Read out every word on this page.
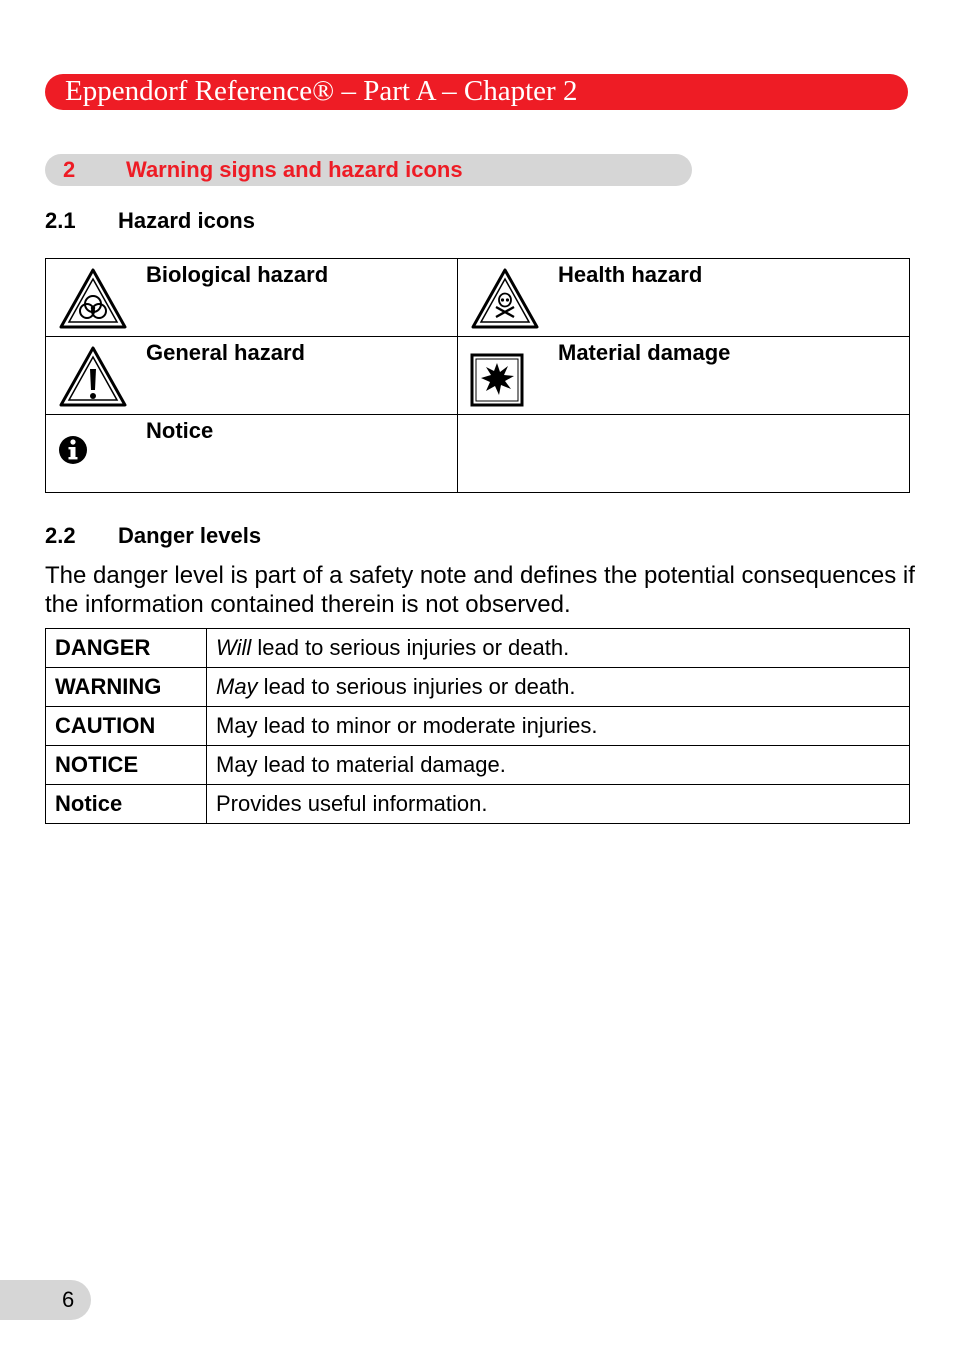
Eppendorf Reference® – Part A – Chapter 2
2 Warning signs and hazard icons
2.1 Hazard icons
Biological hazard	Health hazard

General hazard	Material damage

Notice	

2.2 Danger levels
The danger level is part of a safety note and defines the potential consequences if the information contained therein is not observed.
DANGER	Will lead to serious injuries or death.
WARNING	May lead to serious injuries or death.
CAUTION	May lead to minor or moderate injuries.
NOTICE	May lead to material damage.
Notice	Provides useful information.
6
